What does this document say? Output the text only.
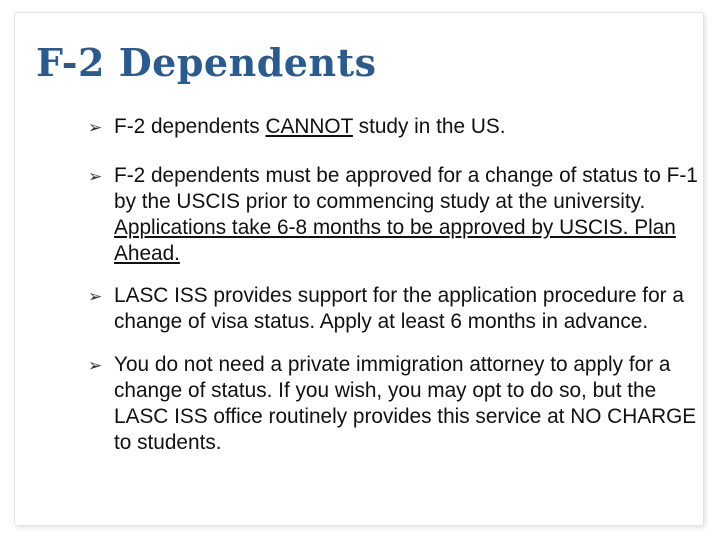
F-2 Dependents
➢ F-2 dependents CANNOT study in the US.
➢ F-2 dependents must be approved for a change of status to F-1 by the USCIS prior to commencing study at the university. Applications take 6-8 months to be approved by USCIS. Plan Ahead.
➢ LASC ISS provides support for the application procedure for a change of visa status. Apply at least 6 months in advance.
➢ You do not need a private immigration attorney to apply for a change of status. If you wish, you may opt to do so, but the LASC ISS office routinely provides this service at NO CHARGE to students.
